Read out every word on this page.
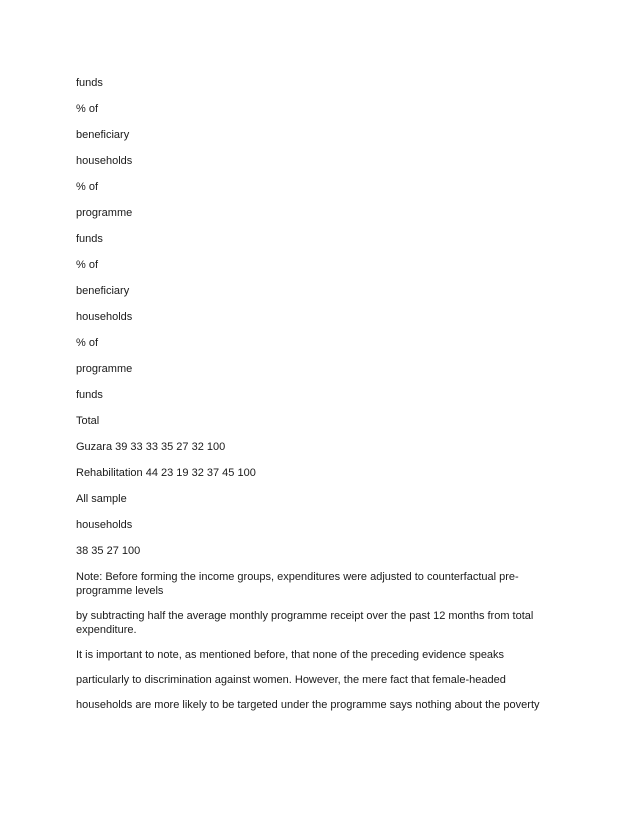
funds

% of

beneficiary

households

% of

programme

funds

% of

beneficiary

households

% of

programme

funds

Total

Guzara 39 33 33 35 27 32 100

Rehabilitation 44 23 19 32 37 45 100

All sample

households

38 35 27 100

Note: Before forming the income groups, expenditures were adjusted to counterfactual pre-programme levels

by subtracting half the average monthly programme receipt over the past 12 months from total expenditure.

It is important to note, as mentioned before, that none of the preceding evidence speaks

particularly to discrimination against women. However, the mere fact that female-headed

households are more likely to be targeted under the programme says nothing about the poverty
